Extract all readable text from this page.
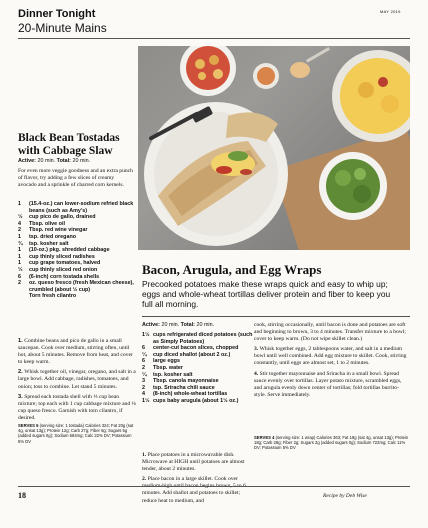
Dinner Tonight
20-Minute Mains
MAY 2019
Black Bean Tostadas with Cabbage Slaw
Active: 20 min. Total: 20 min.
For even more veggie goodness and an extra punch of flavor, try adding a few slices of creamy avocado and a sprinkle of charred corn kernels.
1	(15.4-oz.) can lower-sodium refried black beans (such as Amy's)
½	cup pico de gallo, drained
4	Tbsp. olive oil
2	Tbsp. red wine vinegar
1	tsp. dried oregano
¾	tsp. kosher salt
1	(10-oz.) pkg. shredded cabbage
1	cup thinly sliced radishes
1	cup grape tomatoes, halved
⅓	cup thinly sliced red onion
6	(6-inch) corn tostada shells
2	oz. queso fresco (fresh Mexican cheese), crumbled (about ½ cup)
Torn fresh cilantro
1. Combine beans and pico de gallo in a small saucepan. Cook over medium, stirring often, until hot, about 5 minutes. Remove from heat, and cover to keep warm.
2. Whisk together oil, vinegar, oregano, and salt in a large bowl. Add cabbage, radishes, tomatoes, and onion; toss to combine. Let stand 5 minutes.
3. Spread each tostada shell with ⅓ cup bean mixture; top each with 1 cup cabbage mixture and ⅛ cup queso fresco. Garnish with torn cilantro, if desired.
SERVES 6 (serving size: 1 tostada) Calories 324; Fat 20g (sat 4g, unsat 13g); Protein 12g; Carb 27g; Fiber 6g; Sugars 5g (added sugars 0g); Sodium 684mg; Calc 22% DV; Potassium 5% DV
Bacon, Arugula, and Egg Wraps
Precooked potatoes make these wraps quick and easy to whip up; eggs and whole-wheat tortillas deliver protein and fiber to keep you full all morning.
Active: 20 min. Total: 20 min.
1½ cups refrigerated diced potatoes (such as Simply Potatoes)
6	center-cut bacon slices, chopped
¼	cup diced shallot (about 2 oz.)
6	large eggs
2	Tbsp. water
¼	tsp. kosher salt
3	Tbsp. canola mayonnaise
2	tsp. Sriracha chili sauce
4	(8-inch) whole-wheat tortillas
1½ cups baby arugula (about 1½ oz.)
1. Place potatoes in a microwavable dish. Microwave at HIGH until potatoes are almost tender, about 2 minutes.
2. Place bacon in a large skillet. Cook over medium-high until bacon begins brown, 5 to 6 minutes. Add shallot and potatoes to skillet; reduce heat to medium, and
cook, stirring occasionally, until bacon is done and potatoes are soft and beginning to brown, 3 to 4 minutes. Transfer mixture to a bowl; cover to keep warm. (Do not wipe skillet clean.)
3. Whisk together eggs, 2 tablespoons water, and salt in a medium bowl until well combined. Add egg mixture to skillet. Cook, stirring constantly, until eggs are almost set, 1 to 2 minutes.
4. Stir together mayonnaise and Sriracha in a small bowl. Spread sauce evenly over tortillas. Layer potato mixture, scrambled eggs, and arugula evenly down center of tortillas; fold tortillas burrito-style. Serve immediately.
SERVES 4 (serving size: 1 wrap) Calories 363; Fat 19g (sat 4g, unsat 13g); Protein 18g; Carb 28g; Fiber 2g; Sugars 2g (added sugars 0g); Sodium 722mg; Calc 11% DV; Potassium 5% DV
18	Recipe by Deb Wise
